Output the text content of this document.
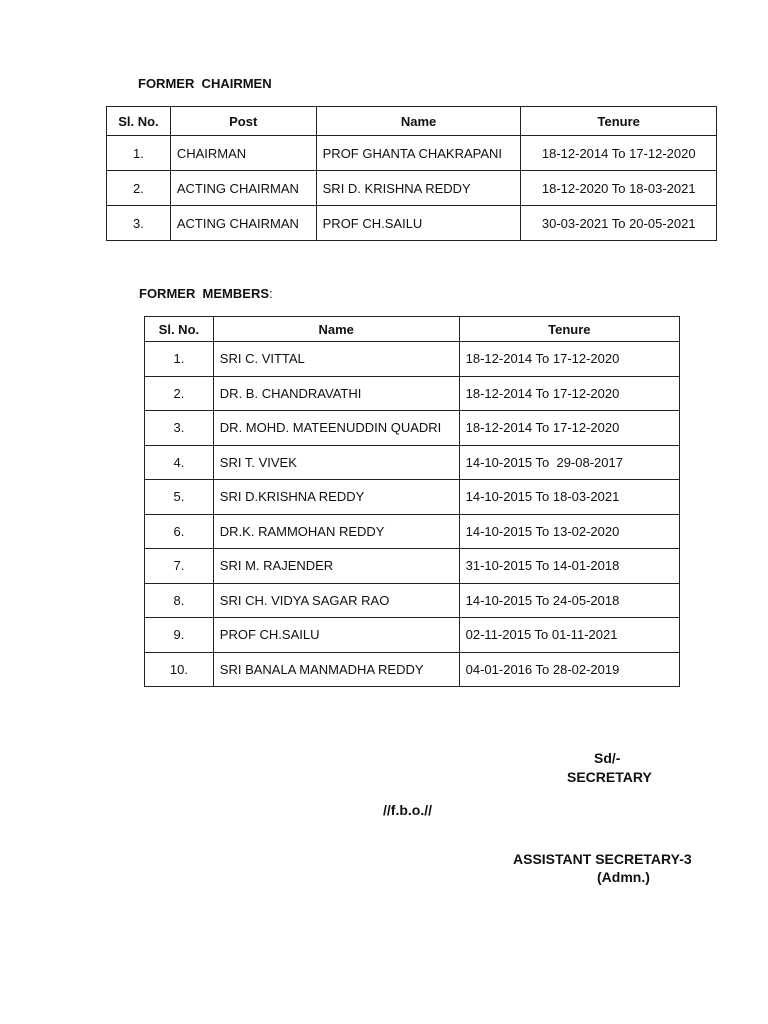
FORMER  CHAIRMEN
Sl. No.	Post	Name	Tenure
1.	CHAIRMAN	PROF GHANTA CHAKRAPANI	18-12-2014 To 17-12-2020
2.	ACTING CHAIRMAN	SRI D. KRISHNA REDDY	18-12-2020 To 18-03-2021
3.	ACTING CHAIRMAN	PROF CH.SAILU	30-03-2021 To 20-05-2021
FORMER  MEMBERS:
Sl. No.	Name	Tenure
1.	SRI C. VITTAL	18-12-2014 To 17-12-2020
2.	DR. B. CHANDRAVATHI	18-12-2014 To 17-12-2020
3.	DR. MOHD. MATEENUDDIN QUADRI	18-12-2014 To 17-12-2020
4.	SRI T. VIVEK	14-10-2015 To  29-08-2017
5.	SRI D.KRISHNA REDDY	14-10-2015 To 18-03-2021
6.	DR.K. RAMMOHAN REDDY	14-10-2015 To 13-02-2020
7.	SRI M. RAJENDER	31-10-2015 To 14-01-2018
8.	SRI CH. VIDYA SAGAR RAO	14-10-2015 To 24-05-2018
9.	PROF CH.SAILU	02-11-2015 To 01-11-2021
10.	SRI BANALA MANMADHA REDDY	04-01-2016 To 28-02-2019
Sd/-
SECRETARY
//f.b.o.//
ASSISTANT SECRETARY-3
(Admn.)
